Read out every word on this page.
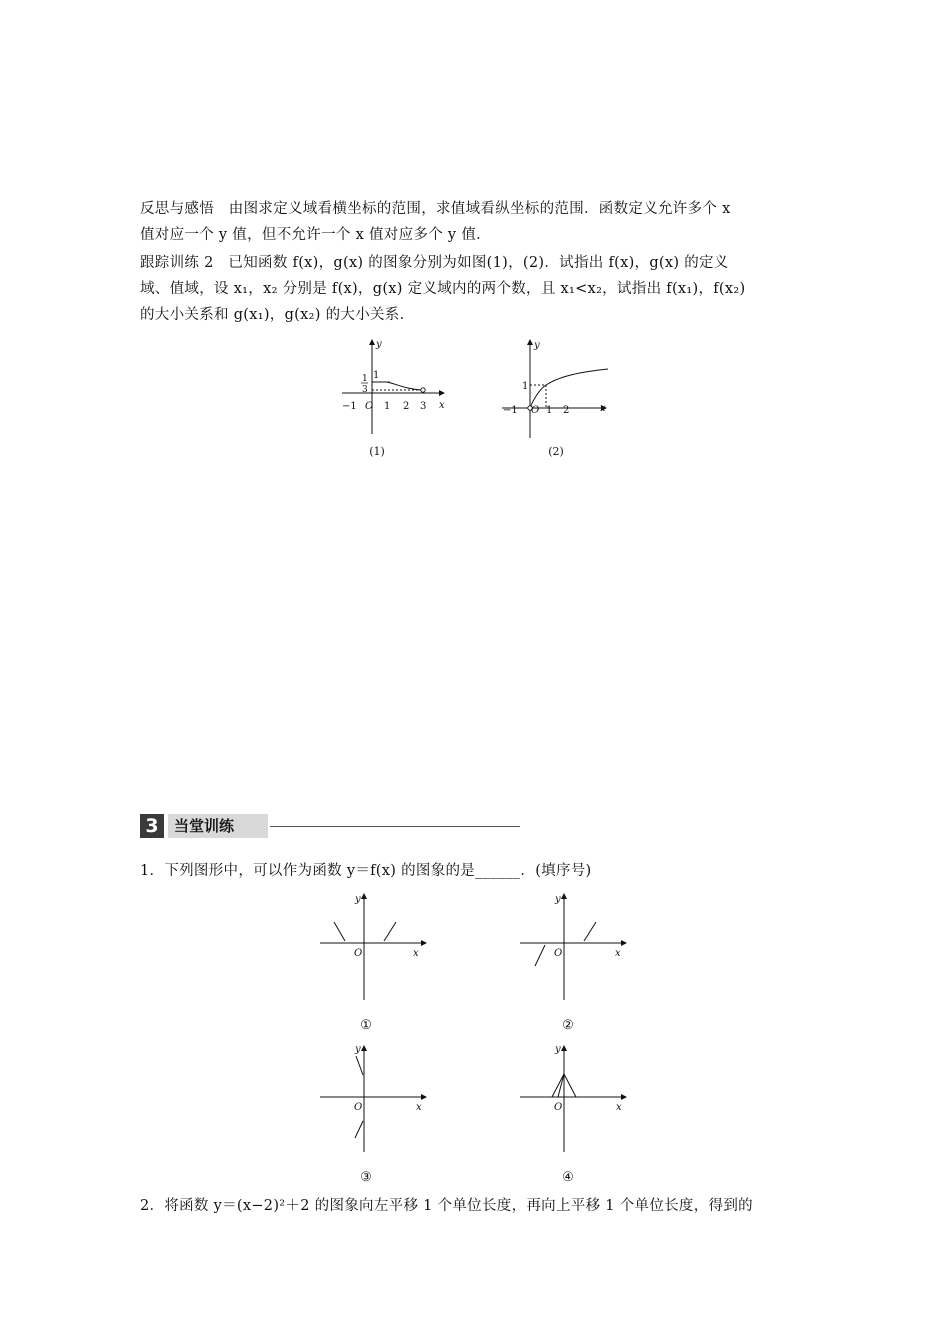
反思与感悟　由图求定义域看横坐标的范围，求值域看纵坐标的范围．函数定义允许多个 x
值对应一个 y 值，但不允许一个 x 值对应多个 y 值．
跟踪训练 2　已知函数 f(x)，g(x) 的图象分别为如图(1)，(2)．试指出 f(x)，g(x) 的定义
域、值域，设 x₁，x₂ 分别是 f(x)，g(x) 定义域内的两个数，且 x₁<x₂，试指出 f(x₁)，f(x₂)
的大小关系和 g(x₁)，g(x₂) 的大小关系．
y
x
O
−1	1 2 3
1
1
3
(1)
y
x
O
−1	1 2
1
(2)
3	当堂训练
1．下列图形中，可以作为函数 y＝f(x) 的图象的是______．(填序号)
y
x
O
①
y
x
O
②
y
x
O
③
y
x
O
④
2．将函数 y＝(x−2)²＋2 的图象向左平移 1 个单位长度，再向上平移 1 个单位长度，得到的
